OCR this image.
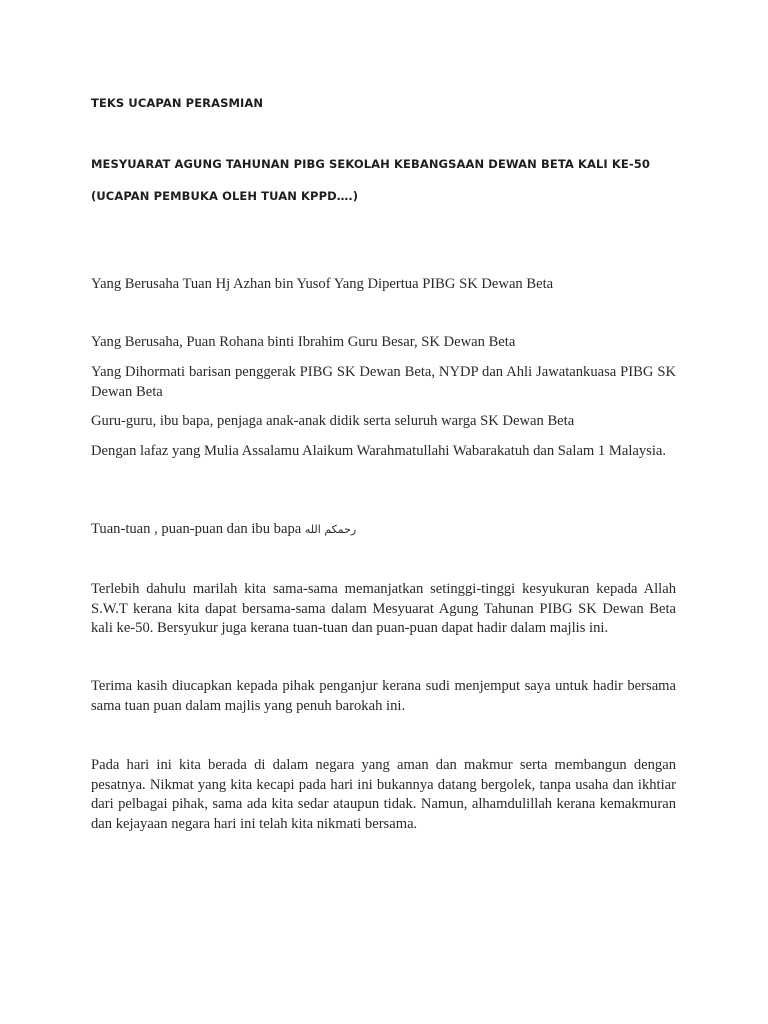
TEKS UCAPAN PERASMIAN
MESYUARAT AGUNG TAHUNAN PIBG SEKOLAH KEBANGSAAN DEWAN BETA KALI KE-50
(UCAPAN PEMBUKA OLEH TUAN KPPD….)

Yang Berusaha Tuan Hj Azhan bin Yusof Yang Dipertua PIBG SK Dewan Beta

Yang Berusaha, Puan Rohana binti Ibrahim Guru Besar, SK Dewan Beta

Yang Dihormati barisan penggerak PIBG SK Dewan Beta, NYDP dan Ahli Jawatankuasa PIBG SK Dewan Beta

Guru-guru, ibu bapa, penjaga anak-anak didik serta seluruh warga SK Dewan Beta

Dengan lafaz yang Mulia Assalamu Alaikum Warahmatullahi Wabarakatuh dan Salam 1 Malaysia.

Tuan-tuan , puan-puan dan ibu bapa رحمكم الله

Terlebih dahulu marilah kita sama-sama memanjatkan setinggi-tinggi kesyukuran kepada Allah S.W.T kerana kita dapat bersama-sama dalam Mesyuarat Agung Tahunan PIBG SK Dewan Beta kali ke-50. Bersyukur juga kerana tuan-tuan dan puan-puan dapat hadir dalam majlis ini.

Terima kasih diucapkan kepada pihak penganjur kerana sudi menjemput saya untuk hadir bersama sama tuan puan dalam majlis yang penuh barokah ini.

Pada hari ini kita berada di dalam negara yang aman dan makmur serta membangun dengan pesatnya. Nikmat yang kita kecapi pada hari ini bukannya datang bergolek, tanpa usaha dan ikhtiar dari pelbagai pihak, sama ada kita sedar ataupun tidak. Namun, alhamdulillah kerana kemakmuran dan kejayaan negara hari ini telah kita nikmati bersama.
